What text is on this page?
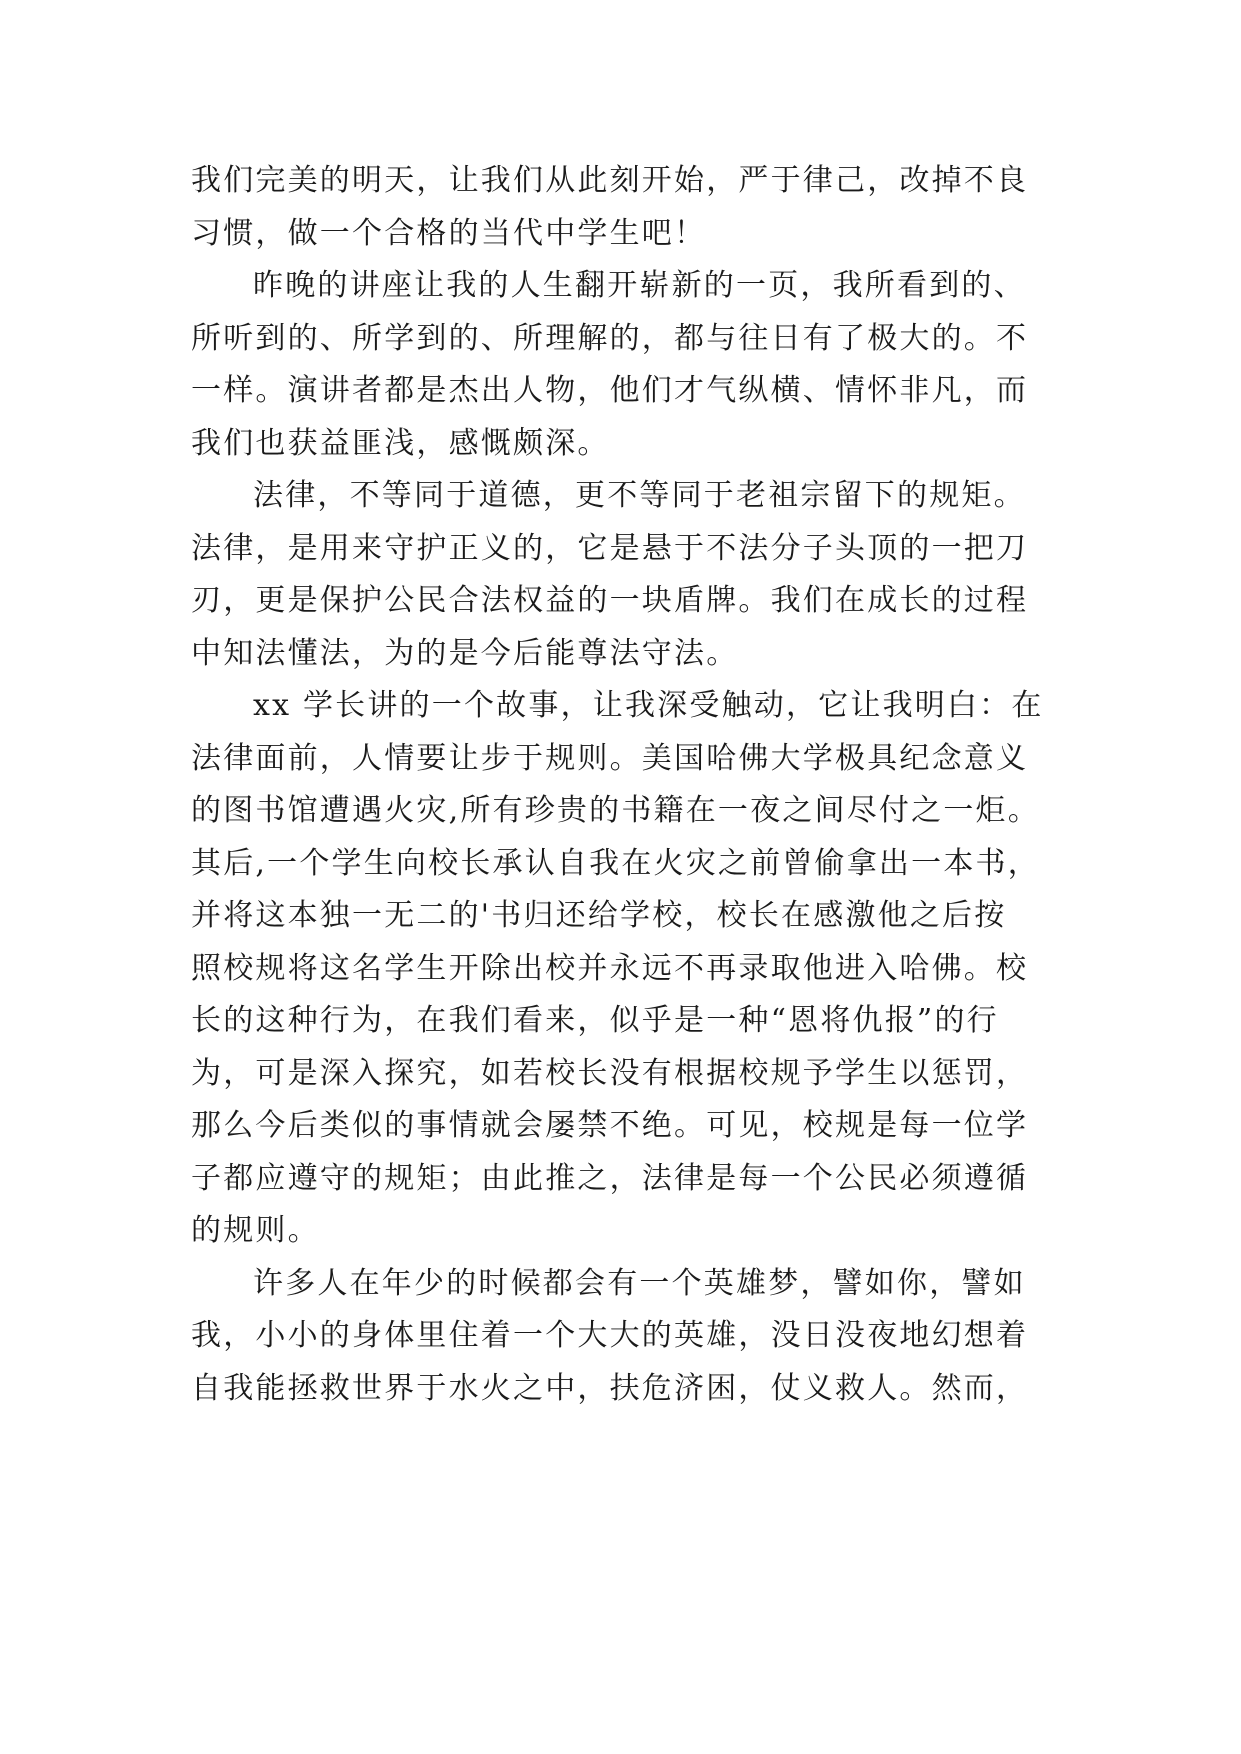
我们完美的明天，让我们从此刻开始，严于律己，改掉不良
习惯，做一个合格的当代中学生吧！
昨晚的讲座让我的人生翻开崭新的一页，我所看到的、
所听到的、所学到的、所理解的，都与往日有了极大的。不
一样。演讲者都是杰出人物，他们才气纵横、情怀非凡，而
我们也获益匪浅，感慨颇深。
法律，不等同于道德，更不等同于老祖宗留下的规矩。
法律，是用来守护正义的，它是悬于不法分子头顶的一把刀
刃，更是保护公民合法权益的一块盾牌。我们在成长的过程
中知法懂法，为的是今后能尊法守法。
xx 学长讲的一个故事，让我深受触动，它让我明白：在
法律面前，人情要让步于规则。美国哈佛大学极具纪念意义
的图书馆遭遇火灾,所有珍贵的书籍在一夜之间尽付之一炬。
其后,一个学生向校长承认自我在火灾之前曾偷拿出一本书，
并将这本独一无二的'书归还给学校，校长在感激他之后按
照校规将这名学生开除出校并永远不再录取他进入哈佛。校
长的这种行为，在我们看来，似乎是一种“恩将仇报”的行
为，可是深入探究，如若校长没有根据校规予学生以惩罚，
那么今后类似的事情就会屡禁不绝。可见，校规是每一位学
子都应遵守的规矩；由此推之，法律是每一个公民必须遵循
的规则。
许多人在年少的时候都会有一个英雄梦，譬如你，譬如
我，小小的身体里住着一个大大的英雄，没日没夜地幻想着
自我能拯救世界于水火之中，扶危济困，仗义救人。然而，
